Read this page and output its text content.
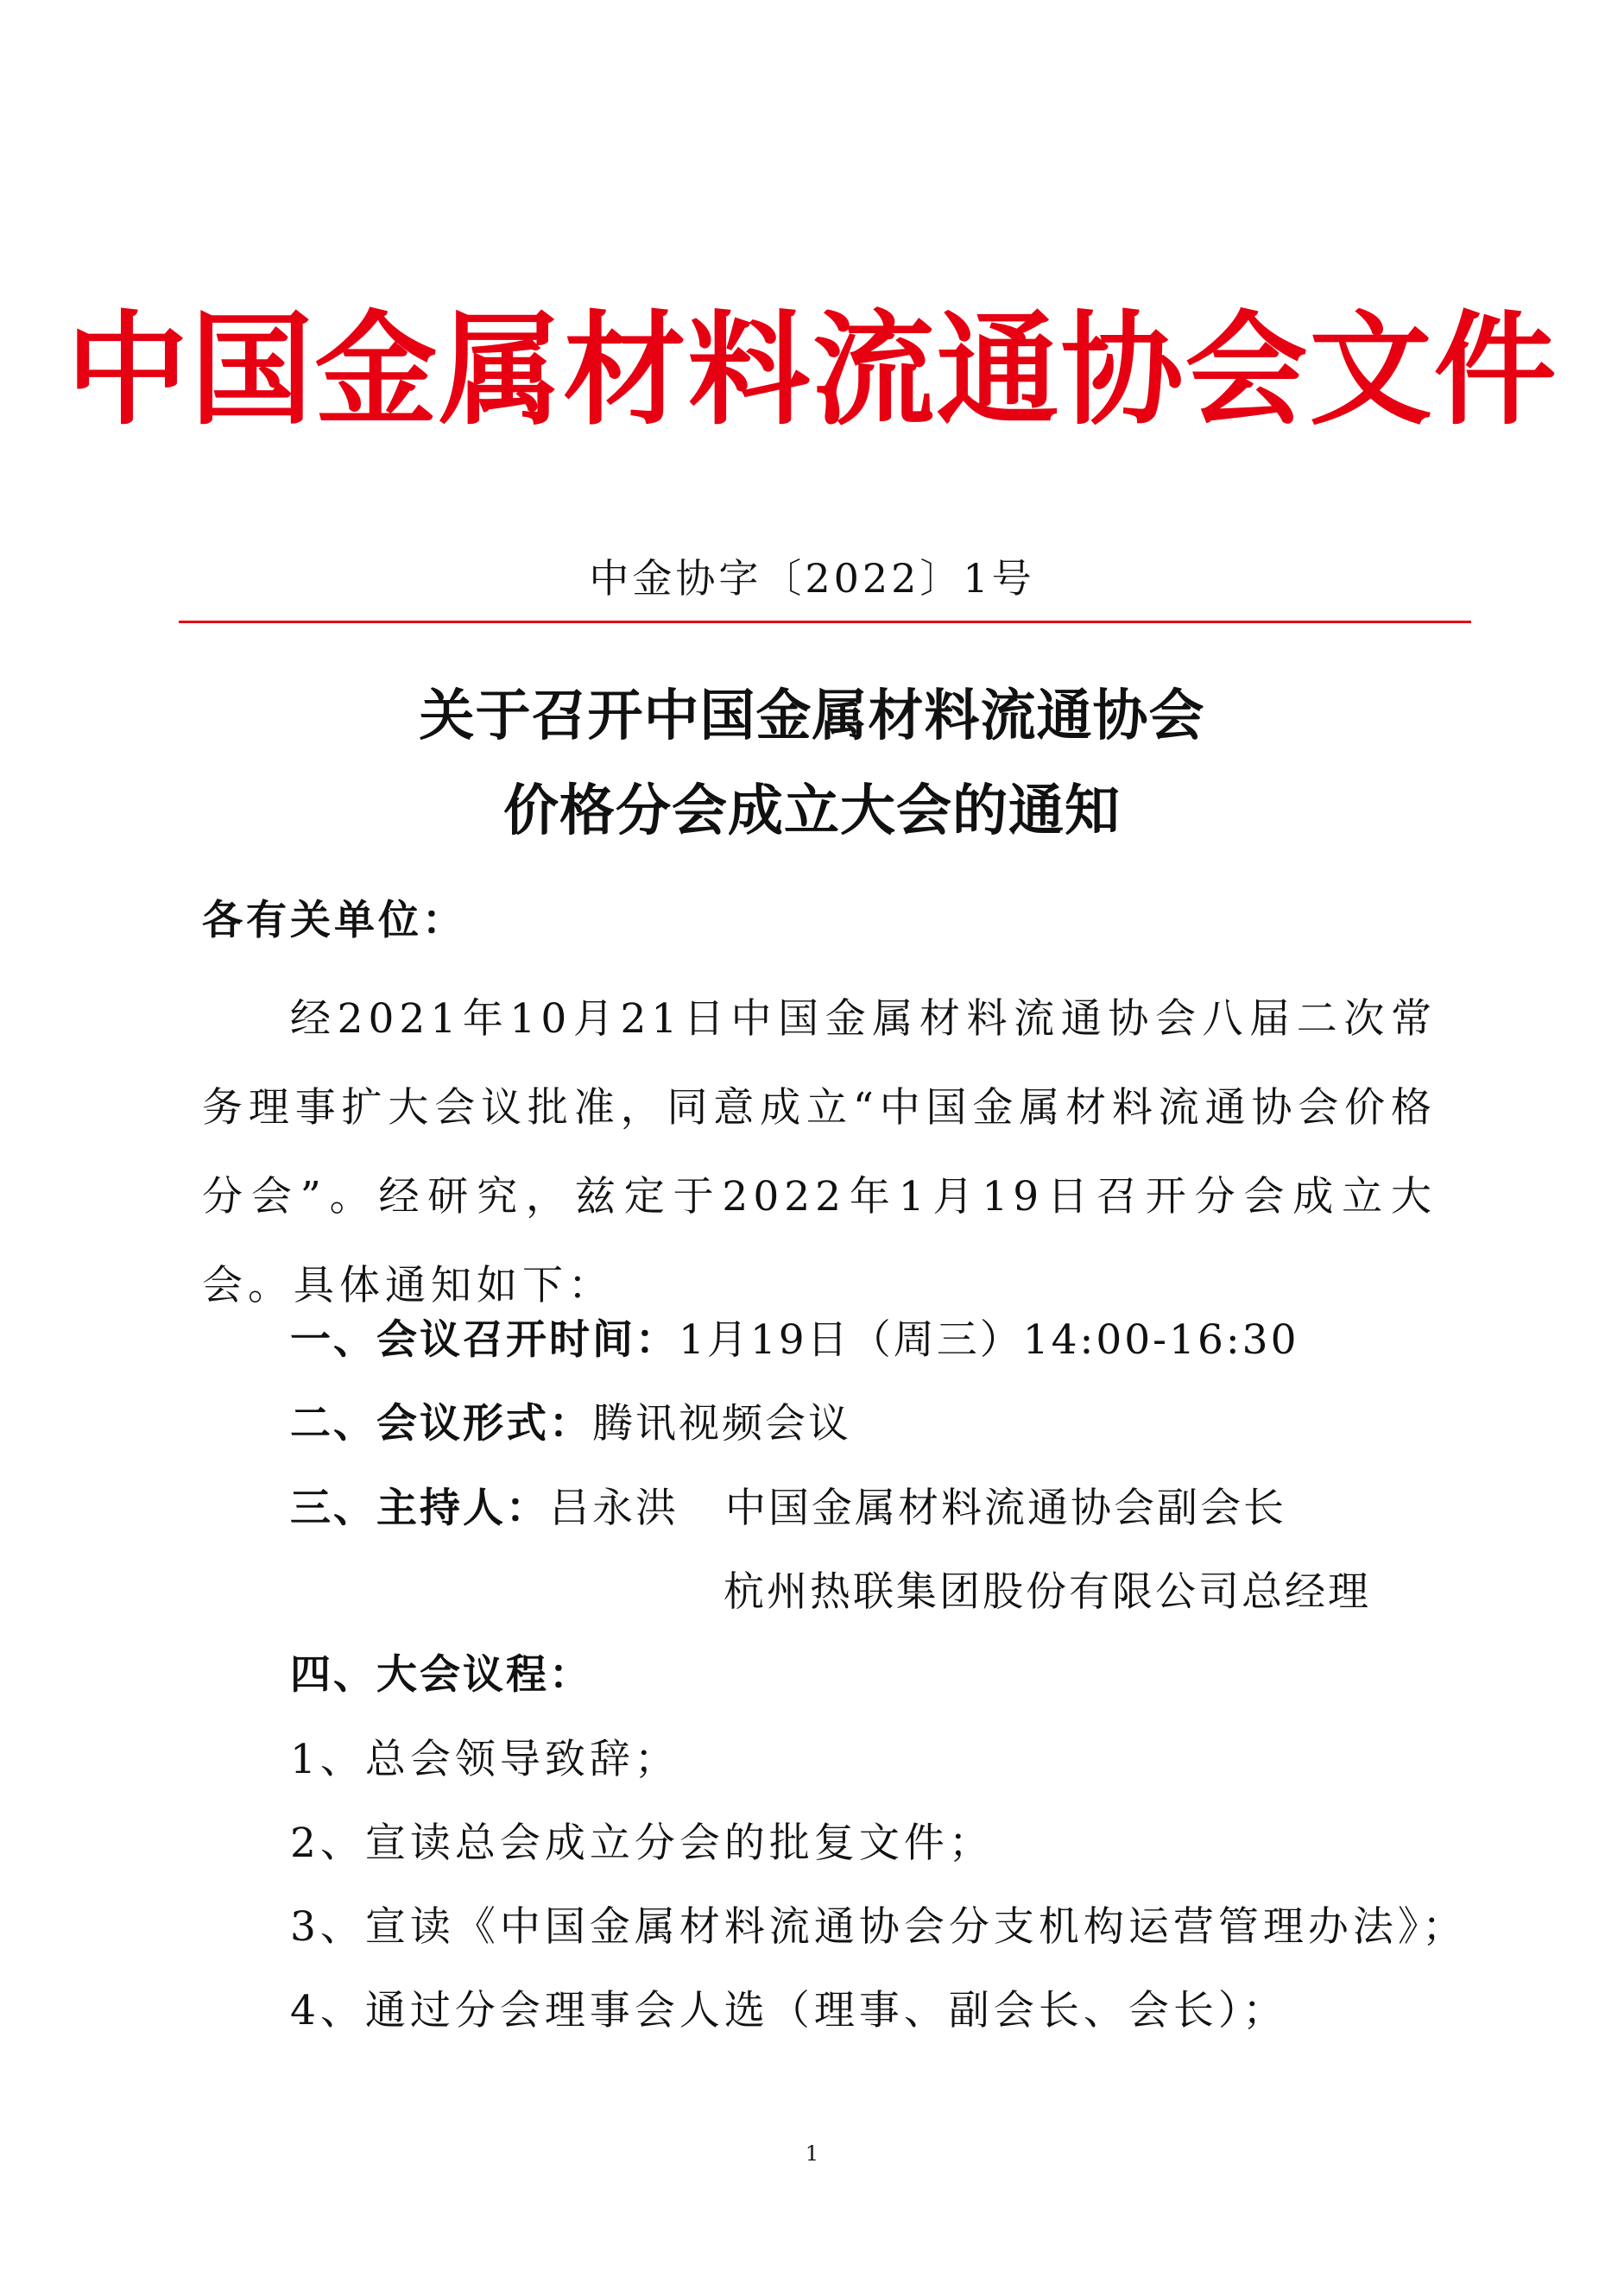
中国金属材料流通协会文件
中金协字〔2022〕1号
关于召开中国金属材料流通协会
价格分会成立大会的通知
各有关单位：
经2021年10月21日中国金属材料流通协会八届二次常务理事扩大会议批准，同意成立“中国金属材料流通协会价格分会”。经研究，兹定于2022年1月19日召开分会成立大会。具体通知如下：
一、会议召开时间：1月19日（周三）14:00-16:30
二、会议形式：腾讯视频会议
三、主持人：吕永洪 中国金属材料流通协会副会长
杭州热联集团股份有限公司总经理
四、大会议程：
1、总会领导致辞；
2、宣读总会成立分会的批复文件；
3、宣读《中国金属材料流通协会分支机构运营管理办法》；
4、通过分会理事会人选（理事、副会长、会长）；
1
